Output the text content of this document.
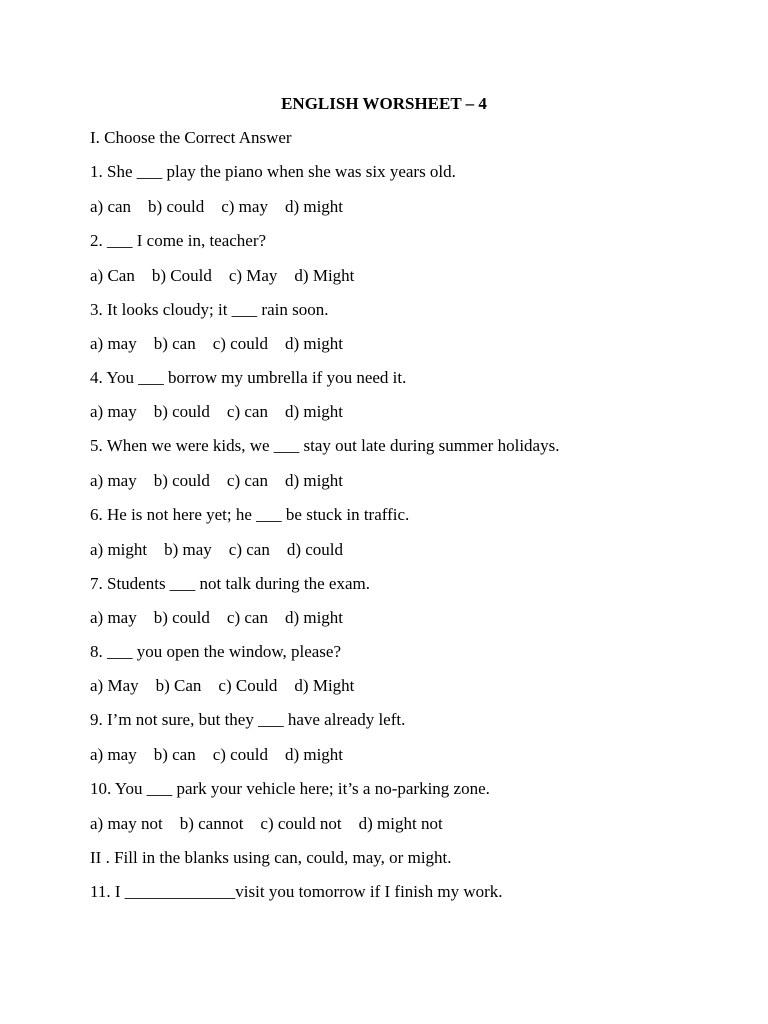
ENGLISH WORSHEET – 4
I. Choose the Correct Answer
1. She ___ play the piano when she was six years old.
a) can    b) could    c) may    d) might
2. ___ I come in, teacher?
a) Can    b) Could    c) May    d) Might
3. It looks cloudy; it ___ rain soon.
a) may    b) can    c) could    d) might
4. You ___ borrow my umbrella if you need it.
a) may    b) could    c) can    d) might
5. When we were kids, we ___ stay out late during summer holidays.
a) may    b) could    c) can    d) might
6. He is not here yet; he ___ be stuck in traffic.
a) might    b) may    c) can    d) could
7. Students ___ not talk during the exam.
a) may    b) could    c) can    d) might
8. ___ you open the window, please?
a) May    b) Can    c) Could    d) Might
9. I’m not sure, but they ___ have already left.
a) may    b) can    c) could    d) might
10. You ___ park your vehicle here; it’s a no-parking zone.
a) may not    b) cannot    c) could not    d) might not
II . Fill in the blanks using can, could, may, or might.
11. I _____________visit you tomorrow if I finish my work.
